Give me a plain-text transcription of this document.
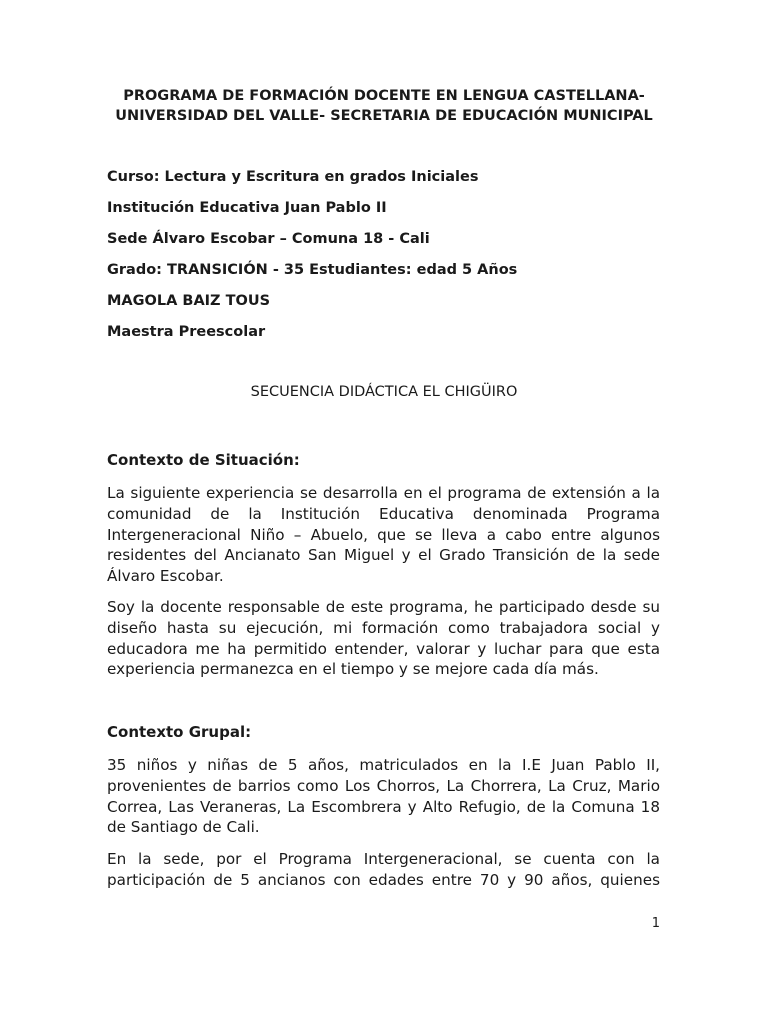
PROGRAMA DE FORMACIÓN DOCENTE EN LENGUA CASTELLANA-
UNIVERSIDAD DEL VALLE- SECRETARIA DE EDUCACIÓN MUNICIPAL
Curso: Lectura y Escritura en grados Iniciales
Institución Educativa Juan Pablo II
Sede Álvaro Escobar – Comuna 18 - Cali
Grado: TRANSICIÓN - 35 Estudiantes: edad 5 Años
MAGOLA BAIZ TOUS
Maestra Preescolar
SECUENCIA DIDÁCTICA EL CHIGÜIRO
Contexto de Situación:

La siguiente experiencia se desarrolla en el programa de extensión a la comunidad de la Institución Educativa denominada Programa Intergeneracional Niño – Abuelo, que se lleva a cabo entre algunos residentes del Ancianato San Miguel y el Grado Transición de la sede Álvaro Escobar.

Soy la docente responsable de este programa, he participado desde su diseño hasta su ejecución, mi formación como trabajadora social y educadora me ha permitido entender, valorar y luchar para que esta experiencia permanezca en el tiempo y se mejore cada día más.

Contexto Grupal:

35 niños y niñas de 5 años, matriculados en la I.E Juan Pablo II, provenientes de barrios como Los Chorros, La Chorrera, La Cruz, Mario Correa, Las Veraneras, La Escombrera y Alto Refugio, de la Comuna 18 de Santiago de Cali.

En la sede, por el Programa Intergeneracional, se cuenta con la participación de 5 ancianos con edades entre 70 y 90 años, quienes

1
